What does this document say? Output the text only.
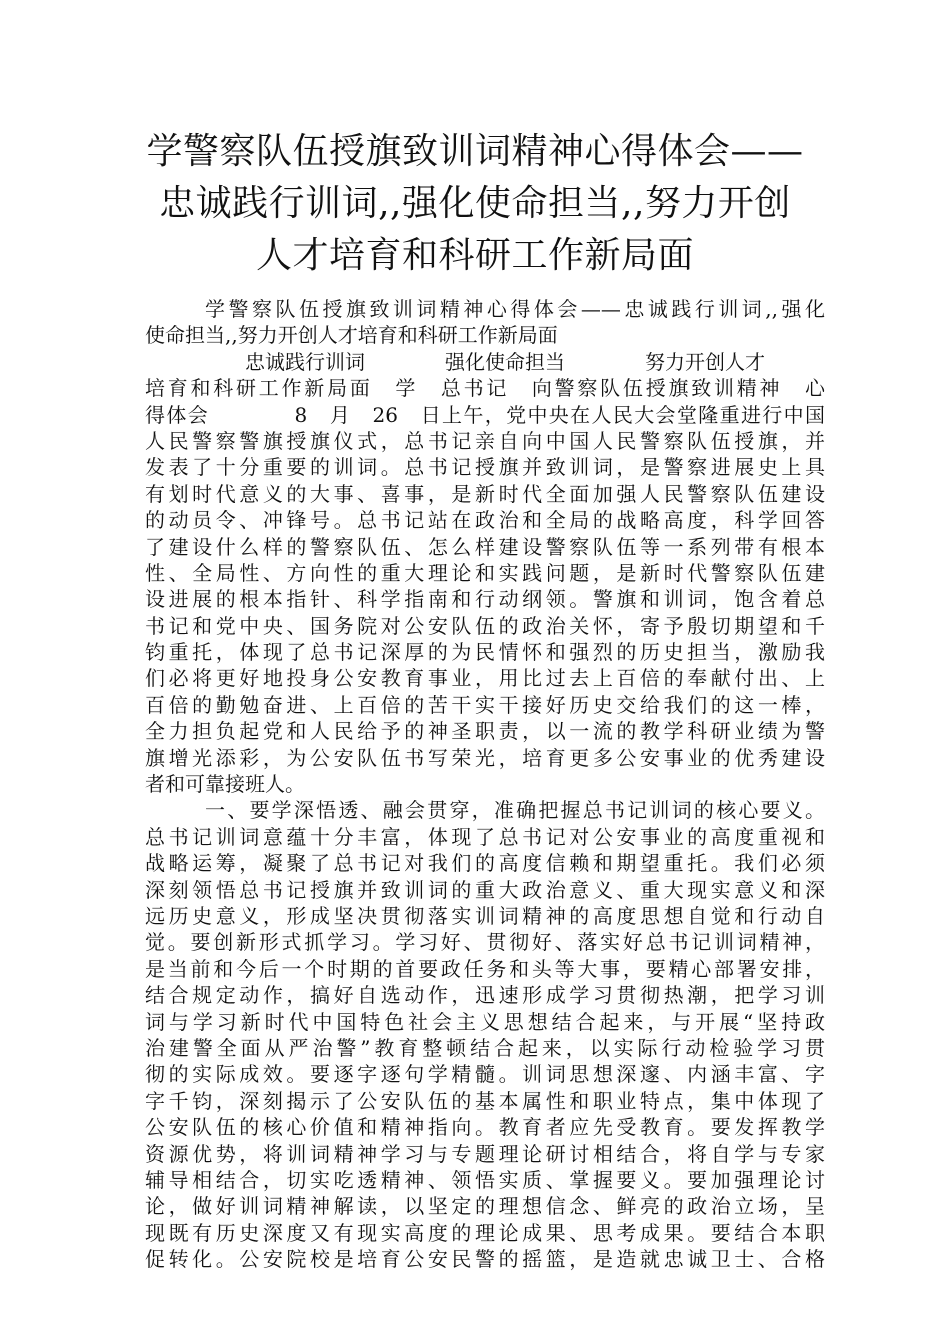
学警察队伍授旗致训词精神心得体会——
忠诚践行训词,,强化使命担当,,努力开创
人才培育和科研工作新局面
学警察队伍授旗致训词精神心得体会——忠诚践行训词,,强化
使命担当,,努力开创人才培育和科研工作新局面
忠诚践行训词　　　　强化使命担当　　　　努力开创人才
培育和科研工作新局面　学　总书记　向警察队伍授旗致训精神　心
得体会　　　　8　月　26　日上午，党中央在人民大会堂隆重进行中国
人民警察警旗授旗仪式，总书记亲自向中国人民警察队伍授旗，并
发表了十分重要的训词。总书记授旗并致训词，是警察进展史上具
有划时代意义的大事、喜事，是新时代全面加强人民警察队伍建设
的动员令、冲锋号。总书记站在政治和全局的战略高度，科学回答
了建设什么样的警察队伍、怎么样建设警察队伍等一系列带有根本
性、全局性、方向性的重大理论和实践问题，是新时代警察队伍建
设进展的根本指针、科学指南和行动纲领。警旗和训词，饱含着总
书记和党中央、国务院对公安队伍的政治关怀，寄予殷切期望和千
钧重托，体现了总书记深厚的为民情怀和强烈的历史担当，激励我
们必将更好地投身公安教育事业，用比过去上百倍的奉献付出、上
百倍的勤勉奋进、上百倍的苦干实干接好历史交给我们的这一棒，
全力担负起党和人民给予的神圣职责，以一流的教学科研业绩为警
旗增光添彩，为公安队伍书写荣光，培育更多公安事业的优秀建设
者和可靠接班人。
一、要学深悟透、融会贯穿，准确把握总书记训词的核心要义。
总书记训词意蕴十分丰富，体现了总书记对公安事业的高度重视和
战略运筹，凝聚了总书记对我们的高度信赖和期望重托。我们必须
深刻领悟总书记授旗并致训词的重大政治意义、重大现实意义和深
远历史意义，形成坚决贯彻落实训词精神的高度思想自觉和行动自
觉。要创新形式抓学习。学习好、贯彻好、落实好总书记训词精神，
是当前和今后一个时期的首要政任务和头等大事，要精心部署安排，
结合规定动作，搞好自选动作，迅速形成学习贯彻热潮，把学习训
词与学习新时代中国特色社会主义思想结合起来，与开展“坚持政
治建警全面从严治警”教育整顿结合起来，以实际行动检验学习贯
彻的实际成效。要逐字逐句学精髓。训词思想深邃、内涵丰富、字
字千钧，深刻揭示了公安队伍的基本属性和职业特点，集中体现了
公安队伍的核心价值和精神指向。教育者应先受教育。要发挥教学
资源优势，将训词精神学习与专题理论研讨相结合，将自学与专家
辅导相结合，切实吃透精神、领悟实质、掌握要义。要加强理论讨
论，做好训词精神解读，以坚定的理想信念、鲜亮的政治立场，呈
现既有历史深度又有现实高度的理论成果、思考成果。要结合本职
促转化。公安院校是培育公安民警的摇篮，是造就忠诚卫士、合格
